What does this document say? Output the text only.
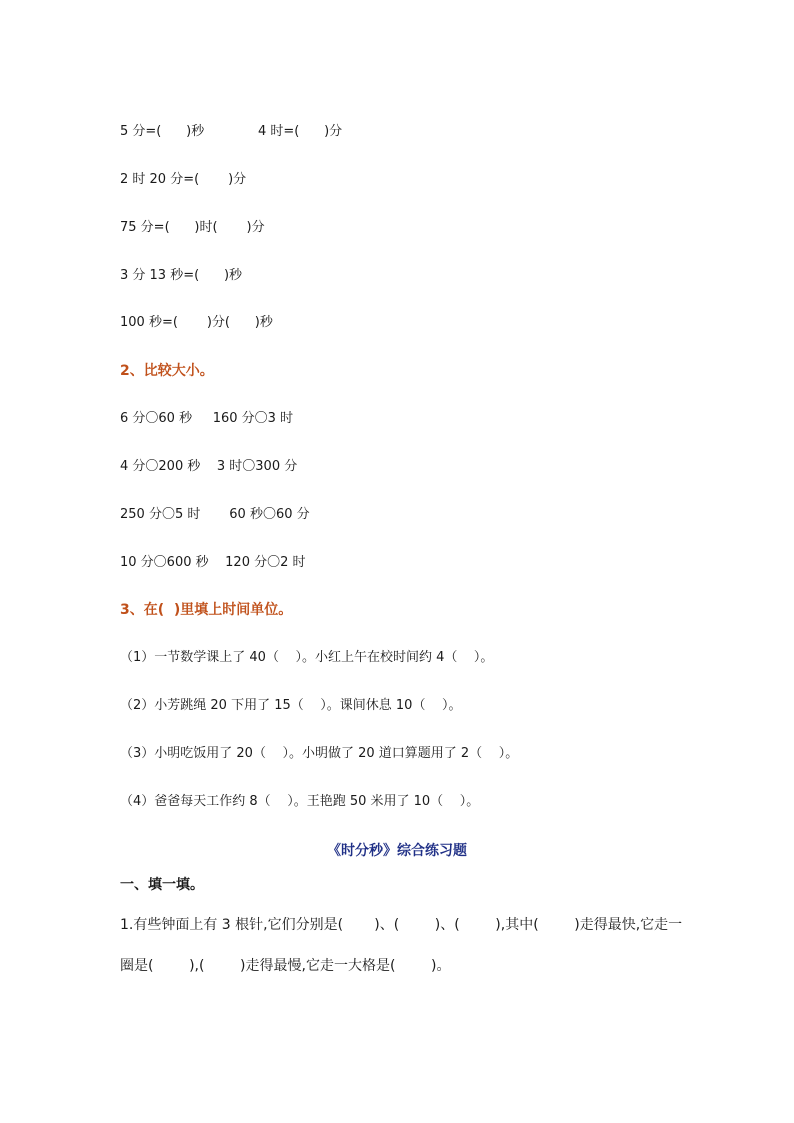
5 分=(      )秒             4 时=(      )分
2 时 20 分=(       )分
75 分=(      )时(       )分
3 分 13 秒=(      )秒
100 秒=(       )分(      )秒
2、比较大小。
6 分〇60 秒     160 分〇3 时
4 分〇200 秒    3 时〇300 分
250 分〇5 时       60 秒〇60 分
10 分〇600 秒    120 分〇2 时
3、在(  )里填上时间单位。
（1）一节数学课上了 40（    ）。小红上午在校时间约 4（    ）。
（2）小芳跳绳 20 下用了 15（    ）。课间休息 10（    ）。
（3）小明吃饭用了 20（    ）。小明做了 20 道口算题用了 2（    ）。
（4）爸爸每天工作约 8（    ）。王艳跑 50 米用了 10（    ）。
《时分秒》综合练习题
一、填一填。
1.有些钟面上有 3 根针,它们分别是(       )、(        )、(        ),其中(        )走得最快,它走一
圈是(        ),(        )走得最慢,它走一大格是(        )。
